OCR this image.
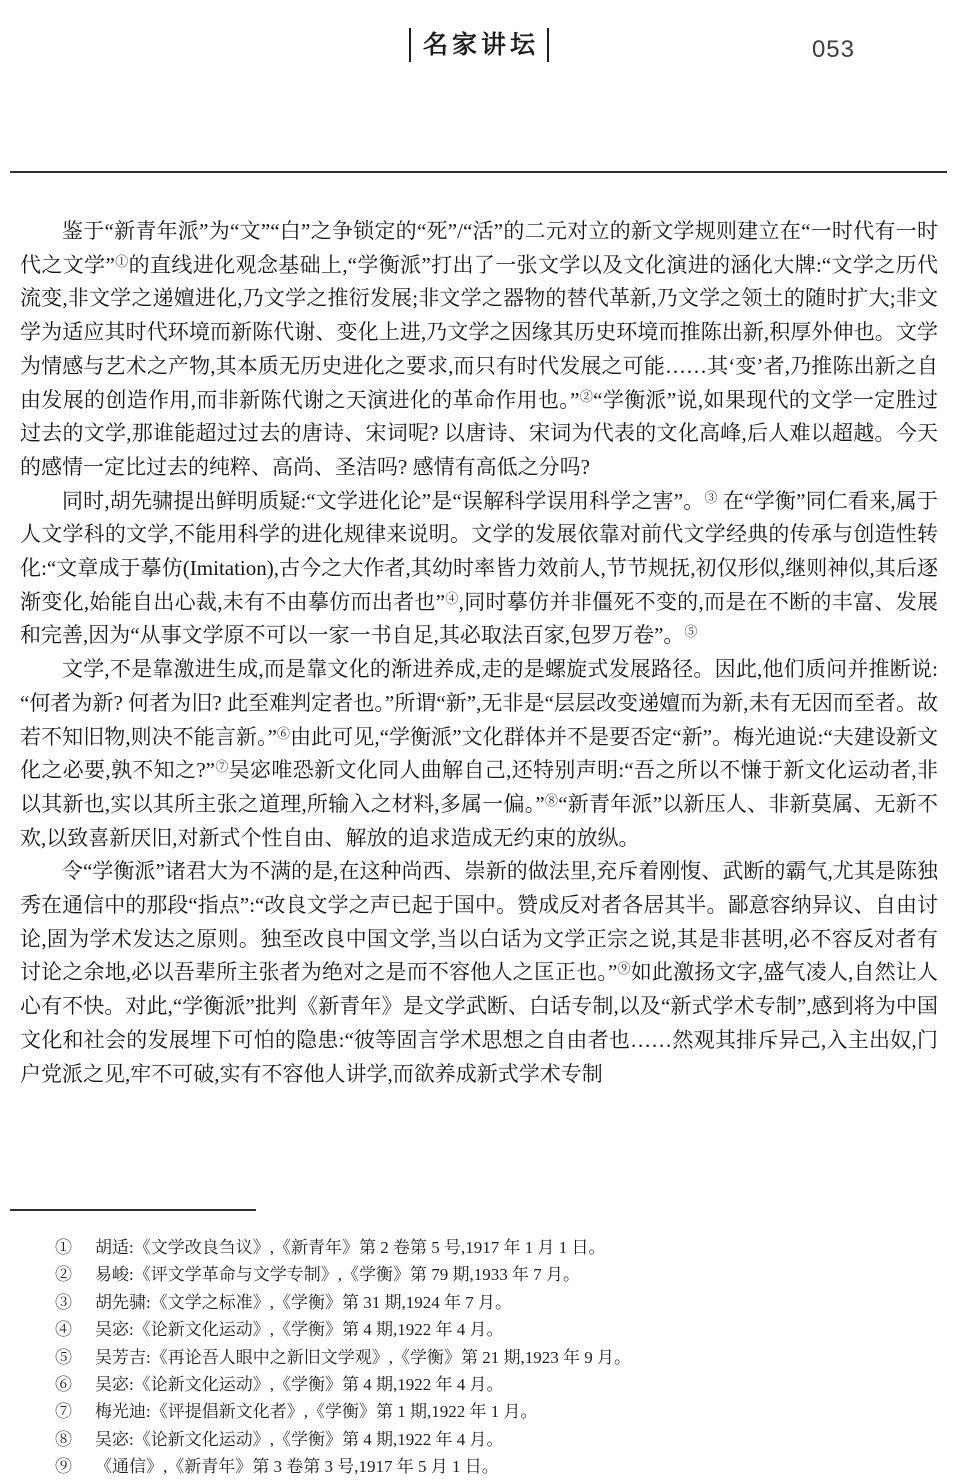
名家讲坛	053

鉴于“新青年派”为“文”“白”之争锁定的“死”/“活”的二元对立的新文学规则建立在“一时代有一时代之文学”①的直线进化观念基础上,“学衡派”打出了一张文学以及文化演进的涵化大牌:“文学之历代流变,非文学之递嬗进化,乃文学之推衍发展;非文学之器物的替代革新,乃文学之领土的随时扩大;非文学为适应其时代环境而新陈代谢、变化上进,乃文学之因缘其历史环境而推陈出新,积厚外伸也。文学为情感与艺术之产物,其本质无历史进化之要求,而只有时代发展之可能……其‘变’者,乃推陈出新之自由发展的创造作用,而非新陈代谢之天演进化的革命作用也。”②“学衡派”说,如果现代的文学一定胜过过去的文学,那谁能超过过去的唐诗、宋词呢? 以唐诗、宋词为代表的文化高峰,后人难以超越。今天的感情一定比过去的纯粹、高尚、圣洁吗? 感情有高低之分吗?

同时,胡先骕提出鲜明质疑:“文学进化论”是“误解科学误用科学之害”。③ 在“学衡”同仁看来,属于人文学科的文学,不能用科学的进化规律来说明。文学的发展依靠对前代文学经典的传承与创造性转化:“文章成于摹仿(Imitation),古今之大作者,其幼时率皆力效前人,节节规抚,初仅形似,继则神似,其后逐渐变化,始能自出心裁,未有不由摹仿而出者也”④,同时摹仿并非僵死不变的,而是在不断的丰富、发展和完善,因为“从事文学原不可以一家一书自足,其必取法百家,包罗万卷”。⑤

文学,不是靠激进生成,而是靠文化的渐进养成,走的是螺旋式发展路径。因此,他们质问并推断说:“何者为新? 何者为旧? 此至难判定者也。”所谓“新”,无非是“层层改变递嬗而为新,未有无因而至者。故若不知旧物,则决不能言新。”⑥由此可见,“学衡派”文化群体并不是要否定“新”。梅光迪说:“夫建设新文化之必要,孰不知之?”⑦吴宓唯恐新文化同人曲解自己,还特别声明:“吾之所以不慊于新文化运动者,非以其新也,实以其所主张之道理,所输入之材料,多属一偏。”⑧“新青年派”以新压人、非新莫属、无新不欢,以致喜新厌旧,对新式个性自由、解放的追求造成无约束的放纵。

令“学衡派”诸君大为不满的是,在这种尚西、崇新的做法里,充斥着刚愎、武断的霸气,尤其是陈独秀在通信中的那段“指点”:“改良文学之声已起于国中。赞成反对者各居其半。鄙意容纳异议、自由讨论,固为学术发达之原则。独至改良中国文学,当以白话为文学正宗之说,其是非甚明,必不容反对者有讨论之余地,必以吾辈所主张者为绝对之是而不容他人之匡正也。”⑨如此激扬文字,盛气凌人,自然让人心有不快。对此,“学衡派”批判《新青年》是文学武断、白话专制,以及“新式学术专制”,感到将为中国文化和社会的发展埋下可怕的隐患:“彼等固言学术思想之自由者也……然观其排斥异己,入主出奴,门户党派之见,牢不可破,实有不容他人讲学,而欲养成新式学术专制

①	胡适:《文学改良刍议》,《新青年》第 2 卷第 5 号,1917 年 1 月 1 日。
②	易峻:《评文学革命与文学专制》,《学衡》第 79 期,1933 年 7 月。
③	胡先骕:《文学之标准》,《学衡》第 31 期,1924 年 7 月。
④	吴宓:《论新文化运动》,《学衡》第 4 期,1922 年 4 月。
⑤	吴芳吉:《再论吾人眼中之新旧文学观》,《学衡》第 21 期,1923 年 9 月。
⑥	吴宓:《论新文化运动》,《学衡》第 4 期,1922 年 4 月。
⑦	梅光迪:《评提倡新文化者》,《学衡》第 1 期,1922 年 1 月。
⑧	吴宓:《论新文化运动》,《学衡》第 4 期,1922 年 4 月。
⑨	《通信》,《新青年》第 3 卷第 3 号,1917 年 5 月 1 日。
